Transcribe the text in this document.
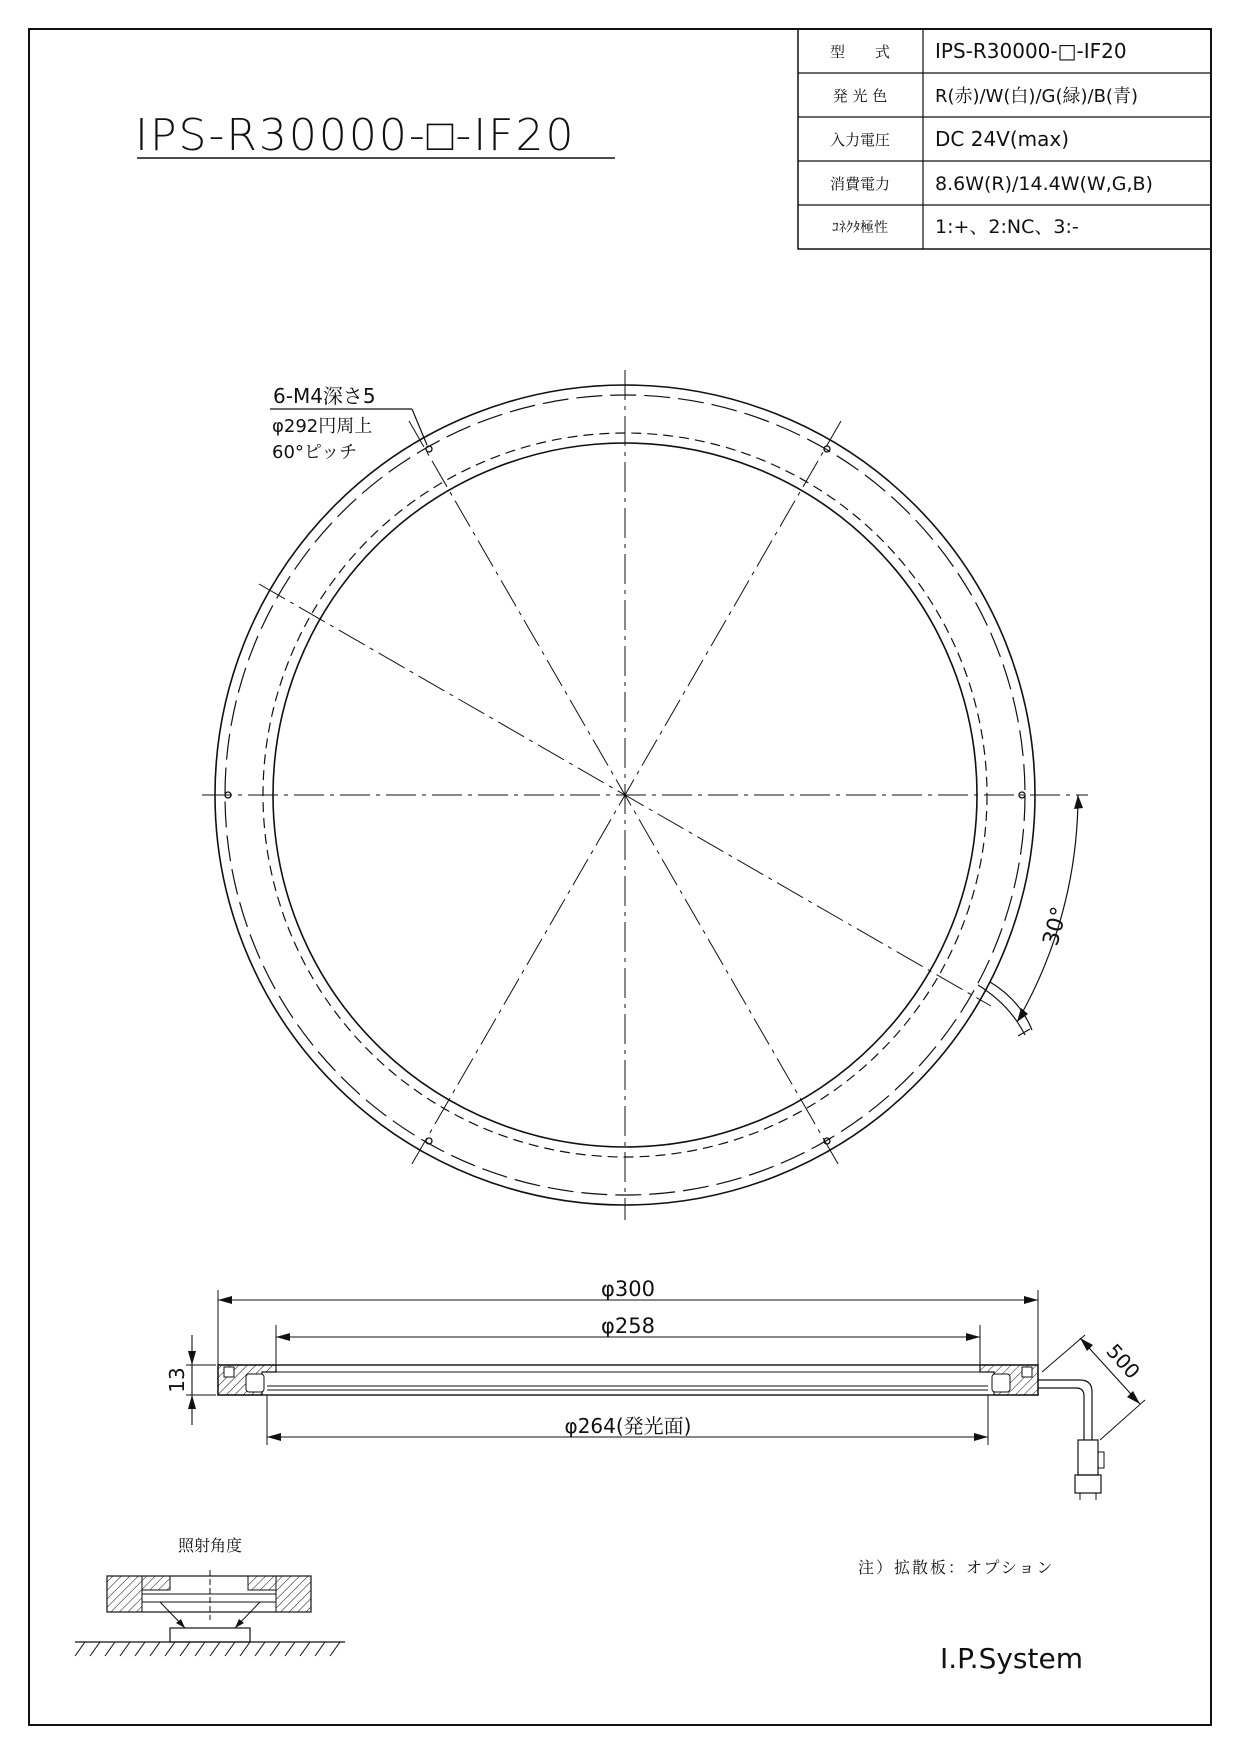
型　　式 IPS-R30000-□-IF20
発 光 色	R(赤)/W(白)/G(緑)/B(青)
入力電圧 DC 24V(max)
消費電力 8.6W(R)/14.4W(W,G,B)
ｺﾈｸﾀ極性 1:+、2:NC、3:-
IPS-R30000-□-IF20
30°
6-M4深さ5
φ292円周上
60°ピッチ
φ300
φ258
φ264(発光面)
13	500
照射角度
注）拡散板：オプション
I.P.System
